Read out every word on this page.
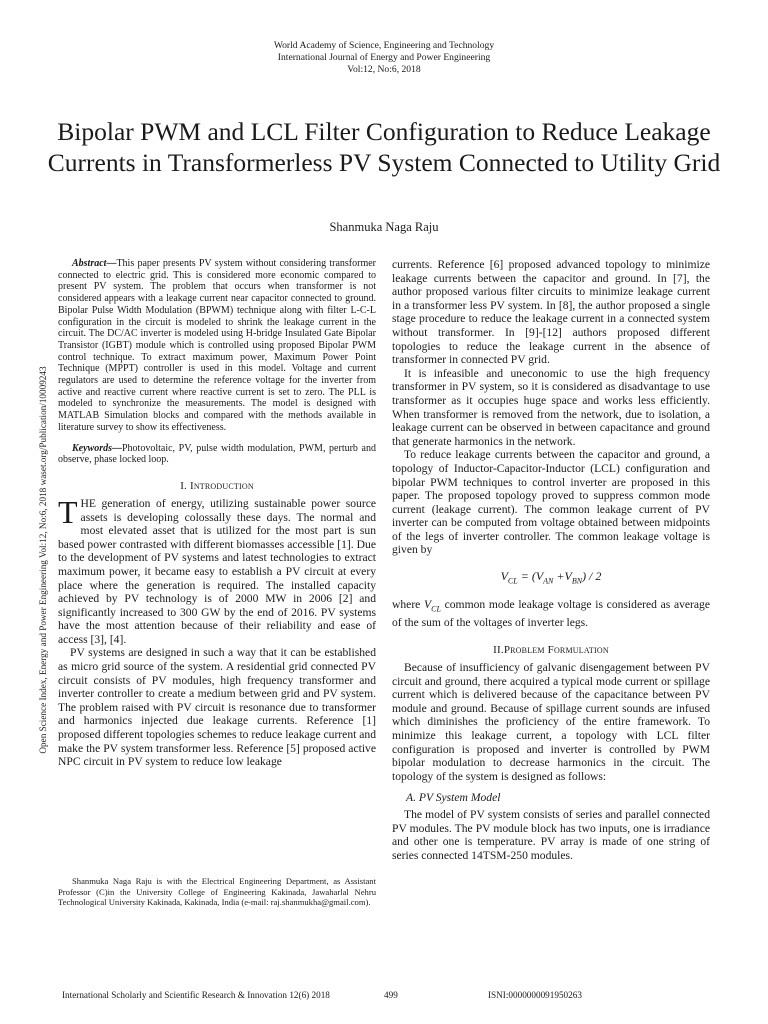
World Academy of Science, Engineering and Technology
International Journal of Energy and Power Engineering
Vol:12, No:6, 2018
Bipolar PWM and LCL Filter Configuration to Reduce Leakage Currents in Transformerless PV System Connected to Utility Grid
Shanmuka Naga Raju
Open Science Index, Energy and Power Engineering Vol:12, No:6, 2018 waset.org/Publication/10009243

Abstract—This paper presents PV system without considering transformer connected to electric grid. This is considered more economic compared to present PV system. The problem that occurs when transformer is not considered appears with a leakage current near capacitor connected to ground. Bipolar Pulse Width Modulation (BPWM) technique along with filter L-C-L configuration in the circuit is modeled to shrink the leakage current in the circuit. The DC/AC inverter is modeled using H-bridge Insulated Gate Bipolar Transistor (IGBT) module which is controlled using proposed Bipolar PWM control technique. To extract maximum power, Maximum Power Point Technique (MPPT) controller is used in this model. Voltage and current regulators are used to determine the reference voltage for the inverter from active and reactive current where reactive current is set to zero. The PLL is modeled to synchronize the measurements. The model is designed with MATLAB Simulation blocks and compared with the methods available in literature survey to show its effectiveness.

Keywords—Photovoltaic, PV, pulse width modulation, PWM, perturb and observe, phase locked loop.

I. Introduction

THE generation of energy, utilizing sustainable power source assets is developing colossally these days. The normal and most elevated asset that is utilized for the most part is sun based power contrasted with different biomasses accessible [1]. Due to the development of PV systems and latest technologies to extract maximum power, it became easy to establish a PV circuit at every place where the generation is required. The installed capacity achieved by PV technology is of 2000 MW in 2006 [2] and significantly increased to 300 GW by the end of 2016. PV systems have the most attention because of their reliability and ease of access [3], [4].

PV systems are designed in such a way that it can be established as micro grid source of the system. A residential grid connected PV circuit consists of PV modules, high frequency transformer and inverter controller to create a medium between grid and PV system. The problem raised with PV circuit is resonance due to transformer and harmonics injected due leakage currents. Reference [1] proposed different topologies schemes to reduce leakage current and make the PV system transformer less. Reference [5] proposed active NPC circuit in PV system to reduce low leakage

Shanmuka Naga Raju is with the Electrical Engineering Department, as Assistant Professor (C)in the University College of Engineering Kakinada, Jawaharlal Nehru Technological University Kakinada, Kakinada, India (e-mail: raj.shanmukha@gmail.com).

currents. Reference [6] proposed advanced topology to minimize leakage currents between the capacitor and ground. In [7], the author proposed various filter circuits to minimize leakage current in a transformer less PV system. In [8], the author proposed a single stage procedure to reduce the leakage current in a connected system without transformer. In [9]-[12] authors proposed different topologies to reduce the leakage current in the absence of transformer in connected PV grid.

It is infeasible and uneconomic to use the high frequency transformer in PV system, so it is considered as disadvantage to use transformer as it occupies huge space and works less efficiently. When transformer is removed from the network, due to isolation, a leakage current can be observed in between capacitance and ground that generate harmonics in the network.

To reduce leakage currents between the capacitor and ground, a topology of Inductor-Capacitor-Inductor (LCL) configuration and bipolar PWM techniques to control inverter are proposed in this paper. The proposed topology proved to suppress common mode current (leakage current). The common leakage current of PV inverter can be computed from voltage obtained between midpoints of the legs of inverter controller. The common leakage voltage is given by

$V_{CL} = (V_{AN} +V_{BN}) / 2$

where $V_{CL}$ common mode leakage voltage is considered as average of the sum of the voltages of inverter legs.

II.Problem Formulation

Because of insufficiency of galvanic disengagement between PV circuit and ground, there acquired a typical mode current or spillage current which is delivered because of the capacitance between PV module and ground. Because of spillage current sounds are infused which diminishes the proficiency of the entire framework. To minimize this leakage current, a topology with LCL filter configuration is proposed and inverter is controlled by PWM bipolar modulation to decrease harmonics in the circuit. The topology of the system is designed as follows:

A. PV System Model

The model of PV system consists of series and parallel connected PV modules. The PV module block has two inputs, one is irradiance and other one is temperature. PV array is made of one string of series connected 14TSM-250 modules.

International Scholarly and Scientific Research & Innovation 12(6) 2018	499	ISNI:0000000091950263
